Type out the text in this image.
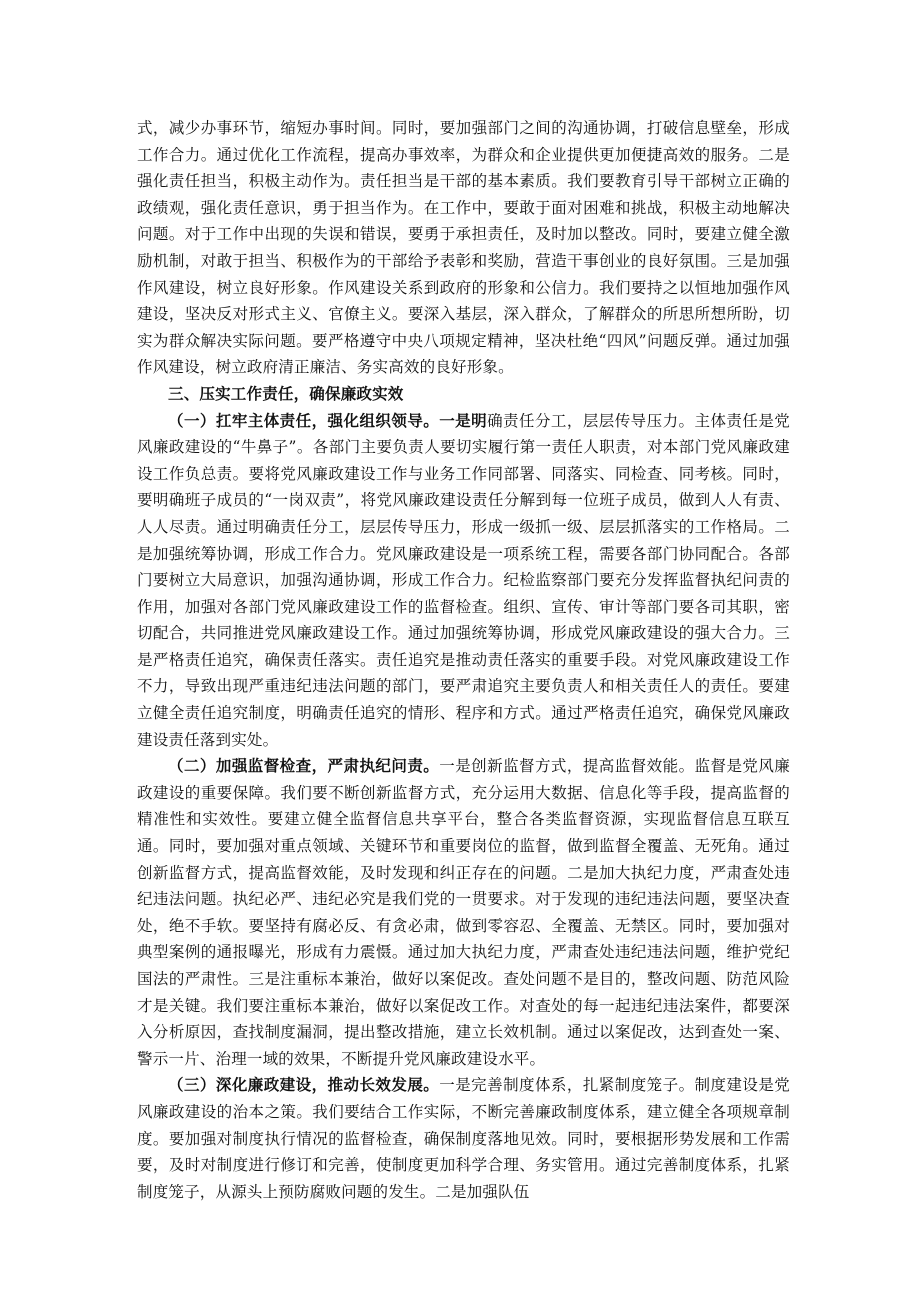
式，减少办事环节，缩短办事时间。同时，要加强部门之间的沟通协调，打破信息壁垒，形成工作合力。通过优化工作流程，提高办事效率，为群众和企业提供更加便捷高效的服务。二是强化责任担当，积极主动作为。责任担当是干部的基本素质。我们要教育引导干部树立正确的政绩观，强化责任意识，勇于担当作为。在工作中，要敢于面对困难和挑战，积极主动地解决问题。对于工作中出现的失误和错误，要勇于承担责任，及时加以整改。同时，要建立健全激励机制，对敢于担当、积极作为的干部给予表彰和奖励，营造干事创业的良好氛围。三是加强作风建设，树立良好形象。作风建设关系到政府的形象和公信力。我们要持之以恒地加强作风建设，坚决反对形式主义、官僚主义。要深入基层，深入群众，了解群众的所思所想所盼，切实为群众解决实际问题。要严格遵守中央八项规定精神，坚决杜绝“四风”问题反弹。通过加强作风建设，树立政府清正廉洁、务实高效的良好形象。

三、压实工作责任，确保廉政实效

（一）扛牢主体责任，强化组织领导。一是明确责任分工，层层传导压力。主体责任是党风廉政建设的“牛鼻子”。各部门主要负责人要切实履行第一责任人职责，对本部门党风廉政建设工作负总责。要将党风廉政建设工作与业务工作同部署、同落实、同检查、同考核。同时，要明确班子成员的“一岗双责”，将党风廉政建设责任分解到每一位班子成员，做到人人有责、人人尽责。通过明确责任分工，层层传导压力，形成一级抓一级、层层抓落实的工作格局。二是加强统筹协调，形成工作合力。党风廉政建设是一项系统工程，需要各部门协同配合。各部门要树立大局意识，加强沟通协调，形成工作合力。纪检监察部门要充分发挥监督执纪问责的作用，加强对各部门党风廉政建设工作的监督检查。组织、宣传、审计等部门要各司其职，密切配合，共同推进党风廉政建设工作。通过加强统筹协调，形成党风廉政建设的强大合力。三是严格责任追究，确保责任落实。责任追究是推动责任落实的重要手段。对党风廉政建设工作不力，导致出现严重违纪违法问题的部门，要严肃追究主要负责人和相关责任人的责任。要建立健全责任追究制度，明确责任追究的情形、程序和方式。通过严格责任追究，确保党风廉政建设责任落到实处。

（二）加强监督检查，严肃执纪问责。一是创新监督方式，提高监督效能。监督是党风廉政建设的重要保障。我们要不断创新监督方式，充分运用大数据、信息化等手段，提高监督的精准性和实效性。要建立健全监督信息共享平台，整合各类监督资源，实现监督信息互联互通。同时，要加强对重点领域、关键环节和重要岗位的监督，做到监督全覆盖、无死角。通过创新监督方式，提高监督效能，及时发现和纠正存在的问题。二是加大执纪力度，严肃查处违纪违法问题。执纪必严、违纪必究是我们党的一贯要求。对于发现的违纪违法问题，要坚决查处，绝不手软。要坚持有腐必反、有贪必肃，做到零容忍、全覆盖、无禁区。同时，要加强对典型案例的通报曝光，形成有力震慑。通过加大执纪力度，严肃查处违纪违法问题，维护党纪国法的严肃性。三是注重标本兼治，做好以案促改。查处问题不是目的，整改问题、防范风险才是关键。我们要注重标本兼治，做好以案促改工作。对查处的每一起违纪违法案件，都要深入分析原因，查找制度漏洞，提出整改措施，建立长效机制。通过以案促改，达到查处一案、警示一片、治理一域的效果，不断提升党风廉政建设水平。

（三）深化廉政建设，推动长效发展。一是完善制度体系，扎紧制度笼子。制度建设是党风廉政建设的治本之策。我们要结合工作实际，不断完善廉政制度体系，建立健全各项规章制度。要加强对制度执行情况的监督检查，确保制度落地见效。同时，要根据形势发展和工作需要，及时对制度进行修订和完善，使制度更加科学合理、务实管用。通过完善制度体系，扎紧制度笼子，从源头上预防腐败问题的发生。二是加强队伍
